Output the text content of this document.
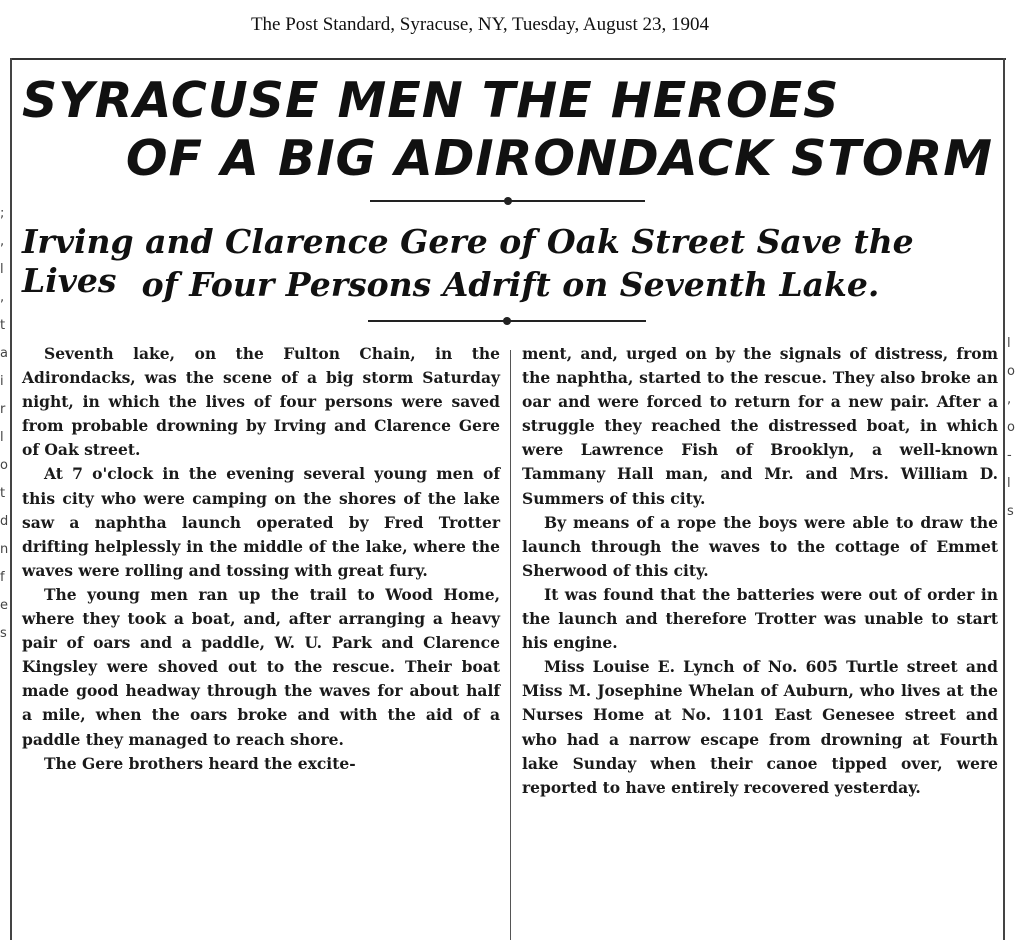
The Post Standard, Syracuse, NY, Tuesday, August 23, 1904
;
,
l
,
t
a
i
r
l
o
t
d
n
f
e
s
l
o
,
o
-
l
s
SYRACUSE MEN THE HEROES
OF A BIG ADIRONDACK STORM
Irving and Clarence Gere of Oak Street Save the Lives of Four Persons Adrift on Seventh Lake.

Seventh lake, on the Fulton Chain, in the Adirondacks, was the scene of a big storm Saturday night, in which the lives of four persons were saved from probable drowning by Irving and Clarence Gere of Oak street.

At 7 o'clock in the evening several young men of this city who were camping on the shores of the lake saw a naphtha launch operated by Fred Trotter drifting helplessly in the middle of the lake, where the waves were rolling and tossing with great fury.

The young men ran up the trail to Wood Home, where they took a boat, and, after arranging a heavy pair of oars and a paddle, W. U. Park and Clarence Kingsley were shoved out to the rescue. Their boat made good headway through the waves for about half a mile, when the oars broke and with the aid of a paddle they managed to reach shore.

The Gere brothers heard the excite-

ment, and, urged on by the signals of distress, from the naphtha, started to the rescue. They also broke an oar and were forced to return for a new pair. After a struggle they reached the distressed boat, in which were Lawrence Fish of Brooklyn, a well-known Tammany Hall man, and Mr. and Mrs. William D. Summers of this city.

By means of a rope the boys were able to draw the launch through the waves to the cottage of Emmet Sherwood of this city.

It was found that the batteries were out of order in the launch and therefore Trotter was unable to start his engine.

Miss Louise E. Lynch of No. 605 Turtle street and Miss M. Josephine Whelan of Auburn, who lives at the Nurses Home at No. 1101 East Genesee street and who had a narrow escape from drowning at Fourth lake Sunday when their canoe tipped over, were reported to have entirely recovered yesterday.
